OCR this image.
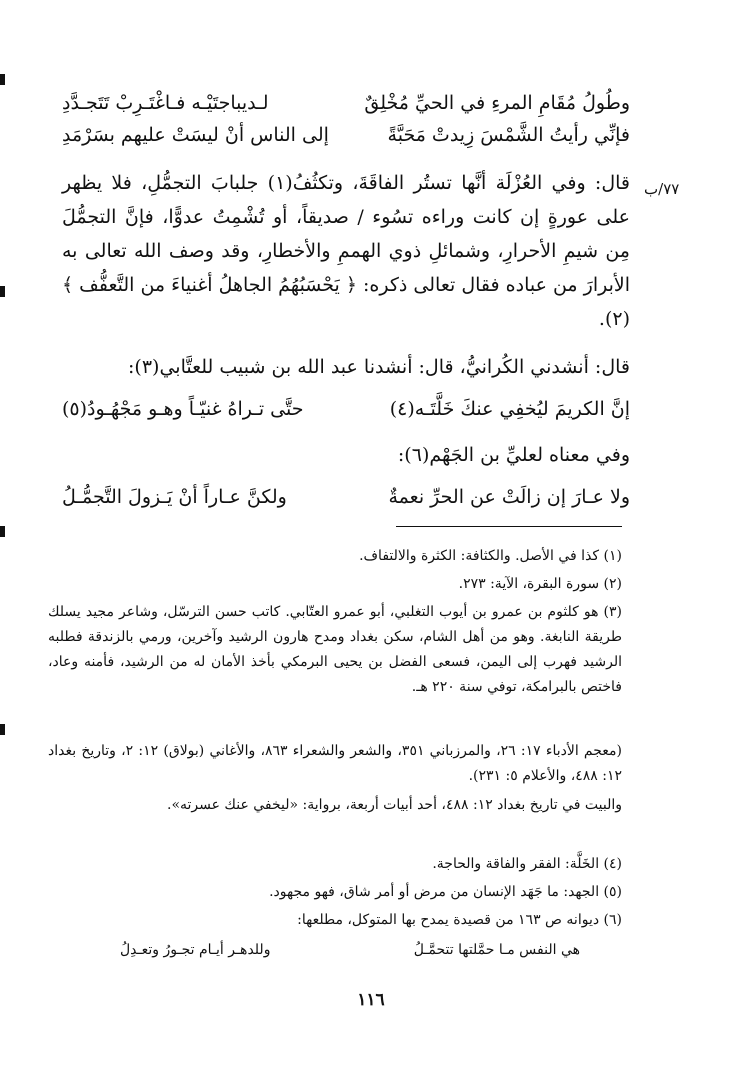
وطُولُ مُقَامِ المرءِ في الحيِّ مُخْلِقٌ
لـديباجتَيْـه فـاغْتَـرِبْ تَتَجـدَّدِ
فإنِّي رأيتُ الشَّمْسَ زِيدتْ مَحَبَّةً
إلى الناس أنْ ليسَتْ عليهم بسَرْمَدِ
٧٧/ب

قال: وفي العُزْلَة أنَّها تستُر الفاقَةَ، وتكثُفُ(١) جلبابَ التجمُّلِ، فلا يظهر على عورةٍ إن كانت وراءه تسُوء / صديقاً، أو تُشْمِتُ عدوًّا، فإنَّ التجمُّلَ مِن شيمِ الأحرارِ، وشمائلِ ذوي الهممِ والأخطارِ، وقد وصف الله تعالى به الأبرارَ من عباده فقال تعالى ذكره: ﴿ يَحْسَبُهُمُ الجاهلُ أغنياءَ من التَّعفُّف ﴾(٢).

قال: أنشدني الكُرانيُّ، قال: أنشدنا عبد الله بن شبيب للعتَّابي(٣):

إنَّ الكريمَ ليُخفِي عنكَ خَلَّتَـه(٤)
حتَّى تـراهُ غنيّـاً وهـو مَجْهُـودُ(٥)

وفي معناه لعليِّ بن الجَهْم(٦):

ولا عـارَ إن زالَتْ عن الحرِّ نعمةٌ
ولكنَّ عـاراً أنْ يَـزولَ التَّجمُّـلُ
(١) كذا في الأصل. والكثافة: الكثرة والالتفاف.
(٢) سورة البقرة، الآية: ٢٧٣.
(٣) هو كلثوم بن عمرو بن أيوب التغلبي، أبو عمرو العتّابي. كاتب حسن الترسّل، وشاعر مجيد يسلك طريقة النابغة. وهو من أهل الشام، سكن بغداد ومدح هارون الرشيد وآخرين، ورمي بالزندقة فطلبه الرشيد فهرب إلى اليمن، فسعى الفضل بن يحيى البرمكي بأخذ الأمان له من الرشيد، فأمنه وعاد، فاختص بالبرامكة، توفي سنة ٢٢٠ هـ.
(معجم الأدباء ١٧: ٢٦، والمرزباني ٣٥١، والشعر والشعراء ٨٦٣، والأغاني (بولاق) ١٢: ٢، وتاريخ بغداد ١٢: ٤٨٨، والأعلام ٥: ٢٣١).
والبيت في تاريخ بغداد ١٢: ٤٨٨، أحد أبيات أربعة، برواية: «ليخفي عنك عسرته».
(٤) الخَلَّة: الفقر والفاقة والحاجة.
(٥) الجهد: ما جَهَد الإنسان من مرض أو أمر شاق، فهو مجهود.
(٦) ديوانه ص ١٦٣ من قصيدة يمدح بها المتوكل، مطلعها:
هي النفس مـا حمَّلتها تتحمَّـلُ
وللدهـر أيـام تجـورُ وتعـدِلُ
١١٦
